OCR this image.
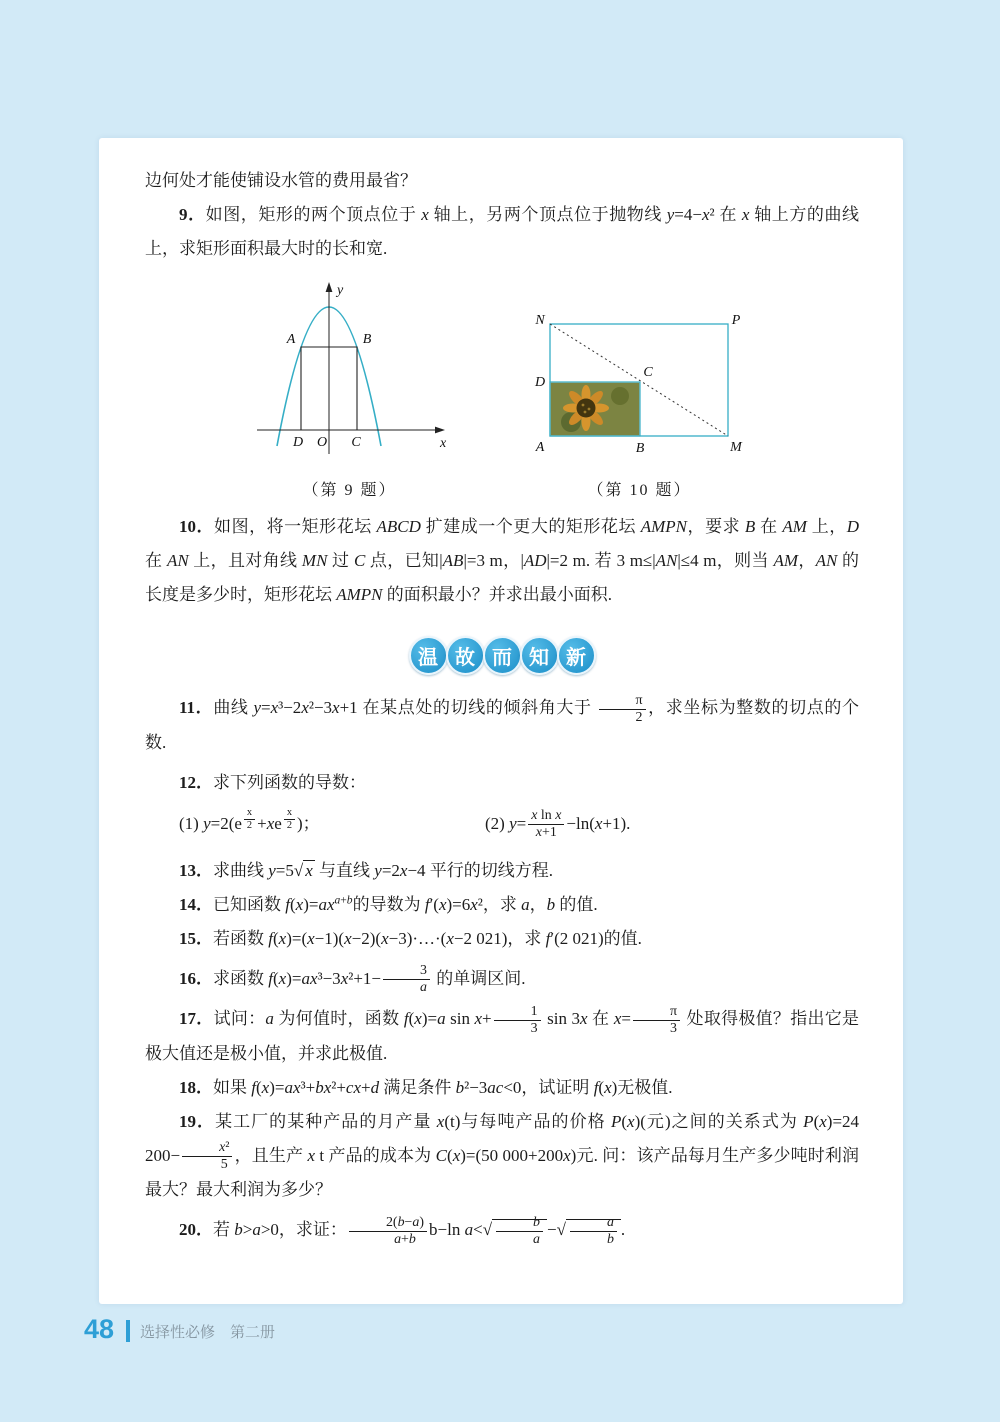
边何处才能使铺设水管的费用最省？

9．如图，矩形的两个顶点位于 x 轴上，另两个顶点位于抛物线 y=4−x² 在 x 轴上方的曲线上，求矩形面积最大时的长和宽.

y
x
A	B
D O C
（第 9 题）
N	P
D
C
A	B	M
（第 10 题）

10．如图，将一矩形花坛 ABCD 扩建成一个更大的矩形花坛 AMPN，要求 B 在 AM 上，D 在 AN 上，且对角线 MN 过 C 点，已知|AB|=3 m，|AD|=2 m. 若 3 m≤|AN|≤4 m，则当 AM，AN 的长度是多少时，矩形花坛 AMPN 的面积最小？并求出最小面积.

温 故 而 知 新

11．曲线 y=x³−2x²−3x+1 在某点处的切线的倾斜角大于 $\frac{\pi}{2}$ ，求坐标为整数的切点的个数.

12．求下列函数的导数：

(1) y=2(e $^{\frac{x}{2}}$ +xe $^{\frac{x}{2}}$ )；	(2) $y= \frac{\text{x ln x}}{x+1} -\ln(x+1)$.

13．求曲线 y=5√ x 与直线 y=2x−4 平行的切线方程.

14．已知函数 $f(x)=ax^{a+b}$的导数为 f′(x)=6x²，求 a，b 的值.

15．若函数 f(x)=(x−1)(x−2)(x−3)·…·(x−2 021)，求 f′(2 021)的值.

16．求函数 $f(x)=ax^3-3x^2+1- \frac{3}{a}$ 的单调区间.

17．试问：a 为何值时，函数 f(x)=a $\sin x+ \frac{1}{3}$ sin 3x 在 $x= \frac{\pi}{3}$ 处取得极值？指出它是极大值还是极小值，并求此极值.

18．如果 f(x)=ax³+bx²+cx+d 满足条件 b²−3ac<0，试证明 f(x)无极值.

19．某工厂的某种产品的月产量 x(t)与每吨产品的价格 P(x)(元)之间的关系式为 P(x)=24 $200- \frac{\text{x²}}{5}$ ，且生产 x t 产品的成本为 C(x)=(50 000+200x)元. 问：该产品每月生产多少吨时利润最大？最大利润为多少？

20．若 b>a>0，求证： $\frac{2(b-a)}{a+b} b-\ln$ $a<√ \frac{b}{a}$ −√ $\frac{a}{b}$ .

48 选择性必修　第二册
